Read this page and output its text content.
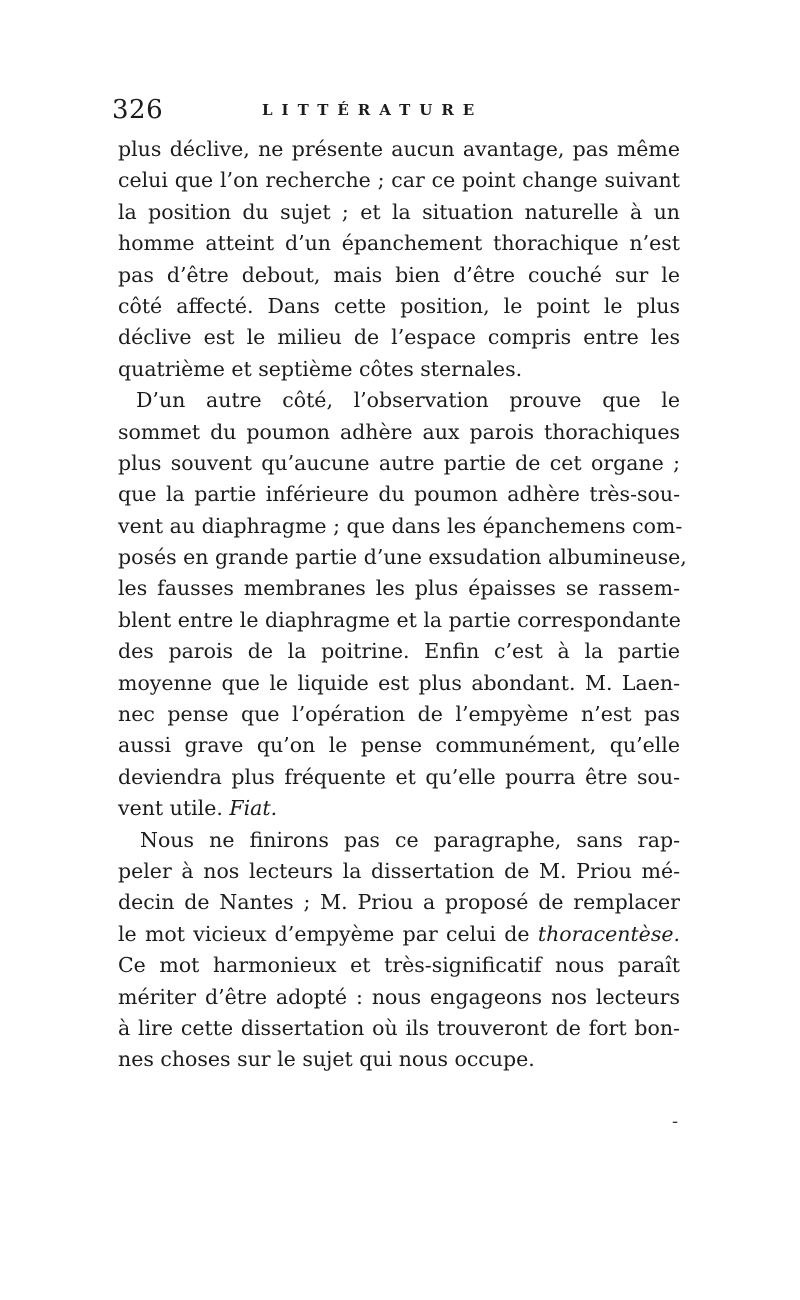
326	LITTÉRATURE
plus déclive, ne présente aucun avantage, pas même
celui que l’on recherche ; car ce point change suivant
la position du sujet ; et la situation naturelle à un
homme atteint d’un épanchement thorachique n’est
pas d’être debout, mais bien d’être couché sur le
côté affecté. Dans cette position, le point le plus
déclive est le milieu de l’espace compris entre les
quatrième et septième côtes sternales.
D’un autre côté, l’observation prouve que le
sommet du poumon adhère aux parois thorachiques
plus souvent qu’aucune autre partie de cet organe ;
que la partie inférieure du poumon adhère très-sou-
vent au diaphragme ; que dans les épanchemens com-
posés en grande partie d’une exsudation albumineuse,
les fausses membranes les plus épaisses se rassem-
blent entre le diaphragme et la partie correspondante
des parois de la poitrine. Enfin c’est à la partie
moyenne que le liquide est plus abondant. M. Laen-
nec pense que l’opération de l’empyème n’est pas
aussi grave qu’on le pense communément, qu’elle
deviendra plus fréquente et qu’elle pourra être sou-
vent utile. Fiat.
Nous ne finirons pas ce paragraphe, sans rap-
peler à nos lecteurs la dissertation de M. Priou mé-
decin de Nantes ; M. Priou a proposé de remplacer
le mot vicieux d’empyème par celui de thoracentèse.
Ce mot harmonieux et très-significatif nous paraît
mériter d’être adopté : nous engageons nos lecteurs
à lire cette dissertation où ils trouveront de fort bon-
nes choses sur le sujet qui nous occupe.
-
